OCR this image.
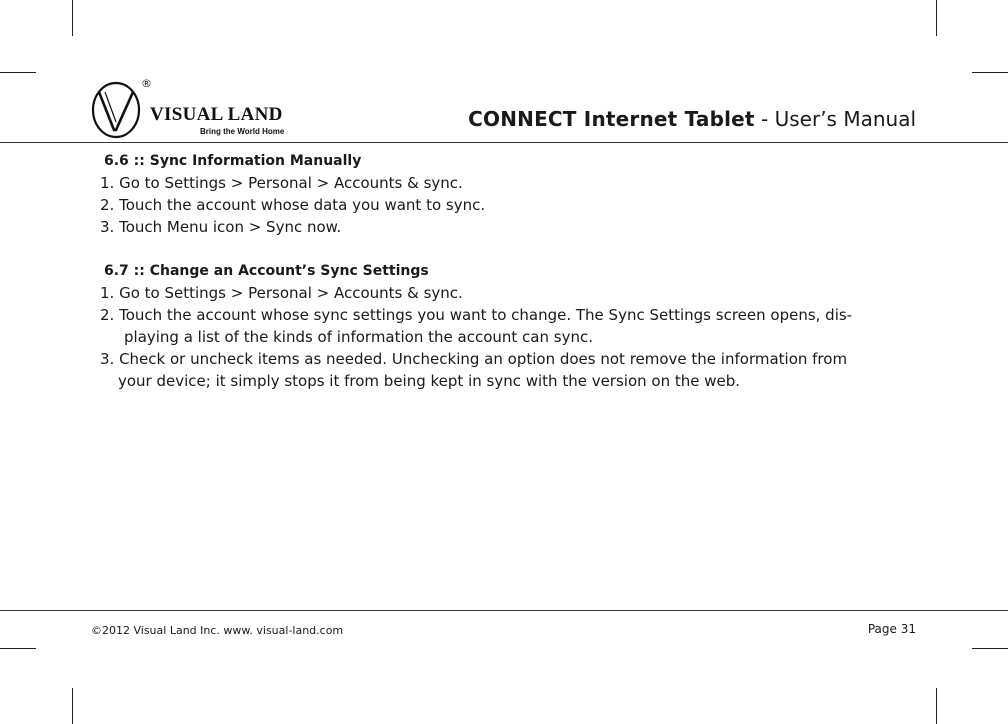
®
VISUAL LAND
Bring the World Home
CONNECT Internet Tablet - User’s Manual

6.6 :: Sync Information Manually

1. Go to Settings > Personal > Accounts & sync.
2. Touch the account whose data you want to sync.
3. Touch Menu icon > Sync now.

6.7 :: Change an Account’s Sync Settings

1. Go to Settings > Personal > Accounts & sync.
2. Touch the account whose sync settings you want to change. The Sync Settings screen opens, dis-
playing a list of the kinds of information the account can sync.
3. Check or uncheck items as needed. Unchecking an option does not remove the information from
your device; it simply stops it from being kept in sync with the version on the web.
©2012 Visual Land Inc. www. visual-land.com	Page 31
